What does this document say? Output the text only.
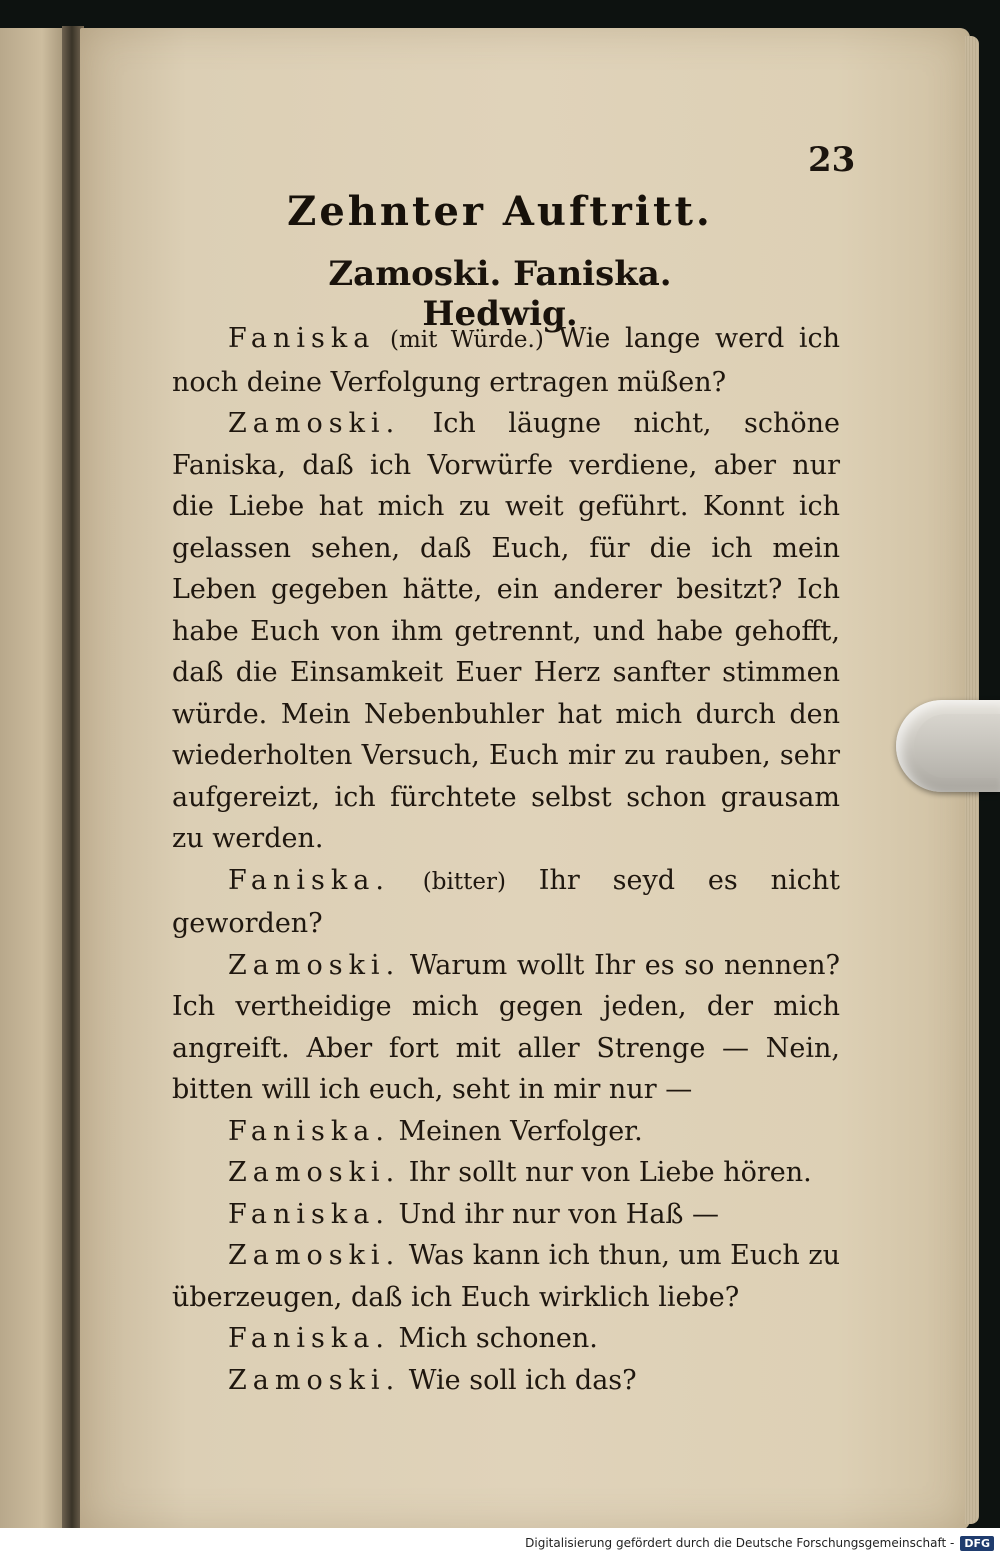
23
Zehnter Auftritt.
Zamoski. Faniska. Hedwig.

Faniska (mit Würde.) Wie lange werd ich noch deine Verfolgung ertragen müßen?

Zamoski. Ich läugne nicht, schöne Faniska, daß ich Vorwürfe verdiene, aber nur die Liebe hat mich zu weit geführt. Konnt ich gelassen sehen, daß Euch, für die ich mein Leben gegeben hätte, ein anderer besitzt? Ich habe Euch von ihm getrennt, und habe gehofft, daß die Einsamkeit Euer Herz sanfter stimmen würde. Mein Nebenbuhler hat mich durch den wiederholten Versuch, Euch mir zu rauben, sehr aufgereizt, ich fürchtete selbst schon grausam zu werden.

Faniska. (bitter) Ihr seyd es nicht geworden?

Zamoski. Warum wollt Ihr es so nennen? Ich vertheidige mich gegen jeden, der mich angreift. Aber fort mit aller Strenge — Nein, bitten will ich euch, seht in mir nur —

Faniska. Meinen Verfolger.

Zamoski. Ihr sollt nur von Liebe hören.

Faniska. Und ihr nur von Haß —

Zamoski. Was kann ich thun, um Euch zu überzeugen, daß ich Euch wirklich liebe?

Faniska. Mich schonen.

Zamoski. Wie soll ich das?

Digitalisierung gefördert durch die Deutsche Forschungsgemeinschaft - DFG
